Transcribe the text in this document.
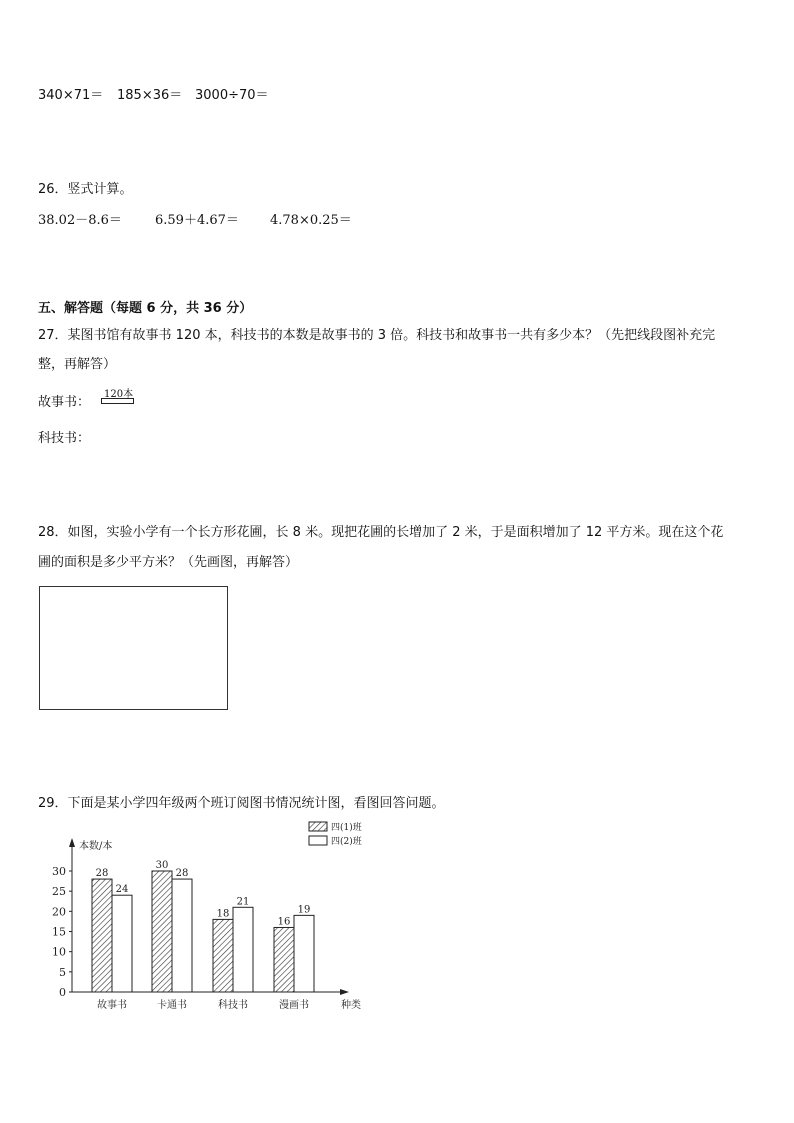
340×71＝ 185×36＝ 3000÷70＝
26．竖式计算。
38.02－8.6＝	6.59＋4.67＝ 4.78×0.25＝
五、解答题（每题 6 分，共 36 分）
27．某图书馆有故事书 120 本，科技书的本数是故事书的 3 倍。科技书和故事书一共有多少本？（先把线段图补充完
整，再解答）
故事书：
120本
科技书：
28．如图，实验小学有一个长方形花圃，长 8 米。现把花圃的长增加了 2 米，于是面积增加了 12 平方米。现在这个花
圃的面积是多少平方米？（先画图，再解答）
29．下面是某小学四年级两个班订阅图书情况统计图，看图回答问题。
本数/本
种类
0
5
10
15
20
25
30	28
24
故事书
30
28
卡通书
18
21
科技书
16
19
漫画书
四(1)班
四(2)班
